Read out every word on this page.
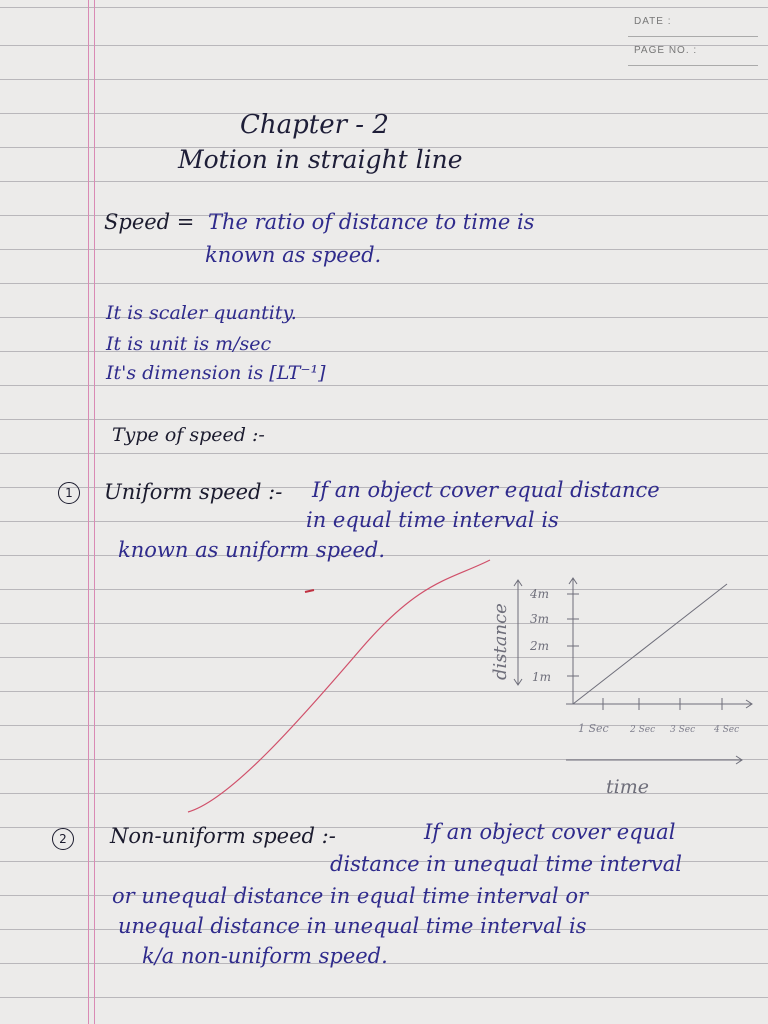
DATE :
PAGE NO. :
Chapter - 2
Motion in straight line
Speed = The ratio of distance to time is
known as speed.
It is scaler quantity.
It is unit is m/sec
It's dimension is [LT⁻¹]
Type of speed :-
1	Uniform speed :- If an object cover equal distance
in equal time interval is
known as uniform speed.
4m
3m
2m
1m
1 Sec 2 Sec 3 Sec 4 Sec
distance
time
2	Non-uniform speed :-	If an object cover equal
distance in unequal time interval
or unequal distance in equal time interval or
unequal distance in unequal time interval is
k/a non-uniform speed.
